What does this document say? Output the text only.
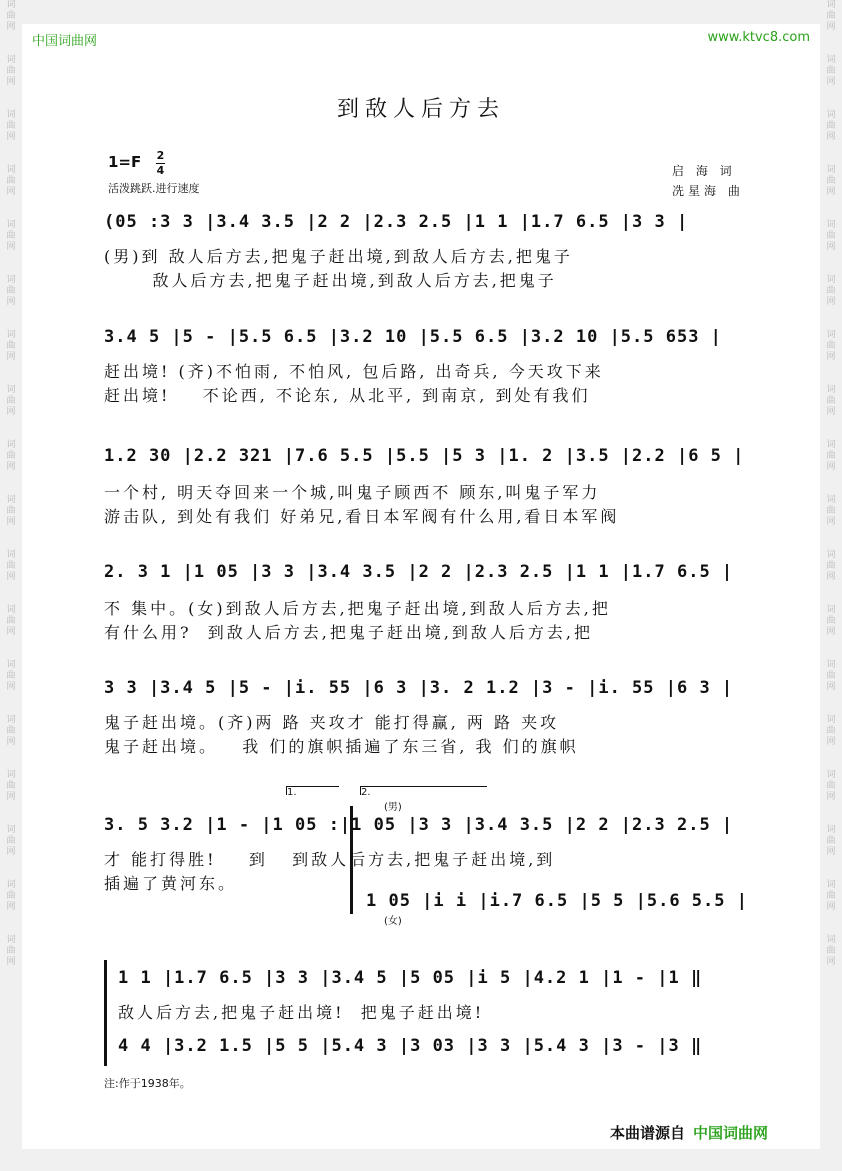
词
曲
网

词
曲
网

词
曲
网

词
曲
网

词
曲
网

词
曲
网

词
曲
网

词
曲
网

词
曲
网

词
曲
网

词
曲
网

词
曲
网

词
曲
网

词
曲
网

词
曲
网

词
曲
网

词
曲
网

词
曲
网

词
曲
网

词
曲
网

词
曲
网

词
曲
网

词
曲
网

词
曲
网

词
曲
网

词
曲
网

词
曲
网

词
曲
网

词
曲
网

词
曲
网

词
曲
网

词
曲
网

词
曲
网

词
曲
网

词
曲
网

词
曲
网

中国词曲网	www.ktvc8.com
到敌人后方去
1=F 2
4
活泼跳跃.进行速度
启 海 词
冼星海 曲
(05 :3 3 |3.4 3.5 |2 2 |2.3 2.5 |1 1 |1.7 6.5 |3 3 |
(男)到 敌人后方去,把鬼子赶出境,到敌人后方去,把鬼子
敌人后方去,把鬼子赶出境,到敌人后方去,把鬼子
3.4 5 |5 - |5.5 6.5 |3.2 10 |5.5 6.5 |3.2 10 |5.5 653 |
赶出境! (齐)不怕雨, 不怕风, 包后路, 出奇兵, 今天攻下来
赶出境!    不论西, 不论东, 从北平, 到南京, 到处有我们
1.2 30 |2.2 321 |7.6 5.5 |5.5 |5 3 |1. 2 |3.5 |2.2 |6 5 |
一个村, 明天夺回来一个城,叫鬼子顾西不 顾东,叫鬼子军力
游击队, 到处有我们 好弟兄,看日本军阀有什么用,看日本军阀
2. 3 1 |1 05 |3 3 |3.4 3.5 |2 2 |2.3 2.5 |1 1 |1.7 6.5 |
不 集中。(女)到敌人后方去,把鬼子赶出境,到敌人后方去,把
有什么用?  到敌人后方去,把鬼子赶出境,到敌人后方去,把
3 3 |3.4 5 |5 - |i. 55 |6 3 |3. 2 1.2 |3 - |i. 55 |6 3 |
鬼子赶出境。(齐)两 路 夹攻才 能打得赢, 两 路 夹攻
鬼子赶出境。   我 们的旗帜插遍了东三省, 我 们的旗帜
1.	2.
(男)
3. 5 3.2 |1 - |1 05 :|1 05 |3 3 |3.4 3.5 |2 2 |2.3 2.5 |
才 能打得胜!    到   到敌人后方去,把鬼子赶出境,到
插遍了黄河东。
1 05 |i i |i.7 6.5 |5 5 |5.6 5.5 |
(女)
1 1 |1.7 6.5 |3 3 |3.4 5 |5 05 |i 5 |4.2 1 |1 - |1 ‖
敌人后方去,把鬼子赶出境!  把鬼子赶出境!
4 4 |3.2 1.5 |5 5 |5.4 3 |3 03 |3 3 |5.4 3 |3 - |3 ‖
注:作于1938年。
本曲谱源自 中国词曲网
